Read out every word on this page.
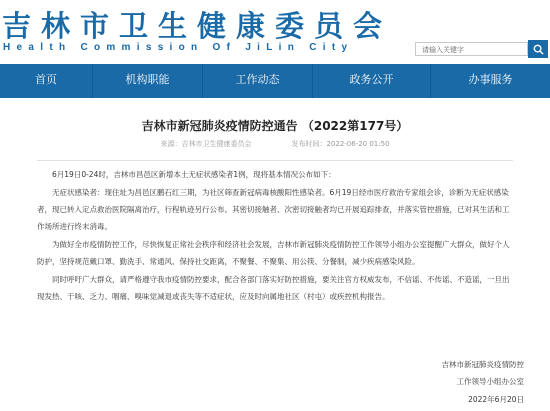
吉林市卫生健康委员会
Health Commission Of JiLin City	请输入关键字
首页	机构职能	工作动态	政务公开	办事服务
吉林市新冠肺炎疫情防控通告 （2022第177号）
来源：吉林市卫生健康委员会	发布时间：2022-06-20 01:50

6月19日0-24时，吉林市昌邑区新增本土无症状感染者1例，现将基本情况公布如下：

无症状感染者：现住址为昌邑区鹏石红三期，为社区筛查新冠病毒核酸阳性感染者。6月19日经市医疗救治专家组会诊，诊断为无症状感染者，现已转入定点救治医院隔离治疗，行程轨迹另行公布。其密切接触者、次密切接触者均已开展追踪排查，并落实管控措施，已对其生活和工作场所进行终末消毒。

为做好全市疫情防控工作，尽快恢复正常社会秩序和经济社会发展，吉林市新冠肺炎疫情防控工作领导小组办公室提醒广大群众，做好个人防护，坚持规范戴口罩、勤洗手、常通风、保持社交距离，不聚餐、不聚集、用公筷、分餐制，减少疾病感染风险。

同时呼吁广大群众，请严格遵守我市疫情防控要求，配合各部门落实好防控措施，要关注官方权威发布，不信谣、不传谣、不造谣，一旦出现发热、干咳、乏力、咽痛、嗅味觉减退或丧失等不适症状，应及时向属地社区（村屯）或疾控机构报告。

吉林市新冠肺炎疫情防控
工作领导小组办公室
2022年6月20日
